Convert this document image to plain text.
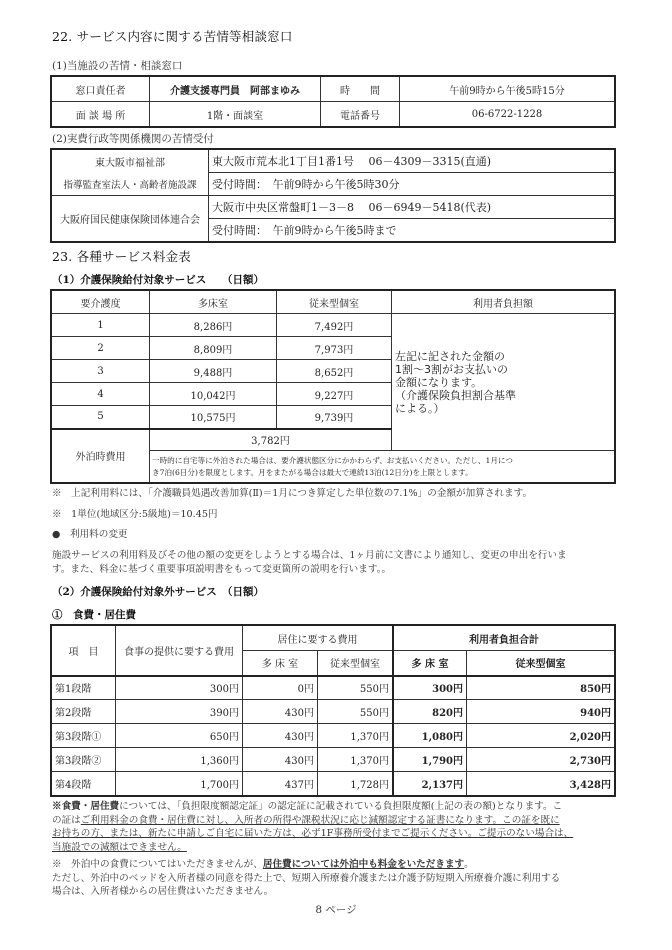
22. サービス内容に関する苦情等相談窓口
(1)当施設の苦情・相談窓口
窓口責任者	介護支援専門員　阿部まゆみ	時　　間	午前9時から午後5時15分
面 談 場 所	1階・面談室	電話番号	06-6722-1228
(2)実費行政等関係機関の苦情受付
東大阪市福祉部	東大阪市荒本北1丁目1番1号　 06－4309－3315(直通)
指導監査室法人・高齢者施設課	受付時間：　午前9時から午後5時30分
大阪府国民健康保険団体連合会	大阪市中央区常盤町1－3－8　 06－6949－5418(代表)
	受付時間：　午前9時から午後5時まで
23. 各種サービス料金表
（1）介護保険給付対象サービス　　（日額）
要介護度	多床室	従来型個室	利用者負担額
1	8,286円	7,492円	左記に記された金額の
1割～3割がお支払いの
金額になります。
（介護保険負担割合基準
による。）

2	8,809円	7,973円	
3	9,488円	8,652円	
4	10,042円	9,227円	
5	10,575円	9,739円	
外泊時費用	3,782円		

	一時的に自宅等に外泊された場合は、要介護状態区分にかかわらず、お支払いください。ただし、1月につ
き7泊(6日分)を限度とします。月をまたがる場合は最大で連続13泊(12日分)を上限とします。		
※　上記利用料には、「介護職員処遇改善加算(Ⅱ)＝1月につき算定した単位数の7.1%」の金額が加算されます。
※　1単位(地域区分:5級地)＝10.45円
●　利用料の変更
施設サービスの利用料及びその他の額の変更をしようとする場合は、1ヶ月前に文書により通知し、変更の申出を行いま
す。また、料金に基づく重要事項説明書をもって変更箇所の説明を行います。。
（2）介護保険給付対象外サービス　（日額）
①　食費・居住費
項　目	食事の提供に要する費用	居住に要する費用		利用者負担合計	
		多 床 室	従来型個室	多 床 室	従来型個室
第1段階	300円	0円	550円	300円	850円
第2段階	390円	430円	550円	820円	940円
第3段階①	650円	430円	1,370円	1,080円	2,020円
第3段階②	1,360円	430円	1,370円	1,790円	2,730円
第4段階	1,700円	437円	1,728円	2,137円	3,428円
※食費・居住費については、「負担限度額認定証」の認定証に記載されている負担限度額(上記の表の額)となります。こ
の証はご利用料金の食費・居住費に対し、入所者の所得や課税状況に応じ減額認定する証書になります。この証を既に
お持ちの方、または、新たに申請しご自宅に届いた方は、必ず1F事務所受付までご提示ください。ご提示のない場合は、
当施設での減額はできません。
※　外泊中の食費についてはいただきませんが、居住費については外泊中も料金をいただきます。
ただし、外泊中のベッドを入所者様の同意を得た上で、短期入所療養介護または介護予防短期入所療養介護に利用する
場合は、入所者様からの居住費はいただきません。
8 ページ
